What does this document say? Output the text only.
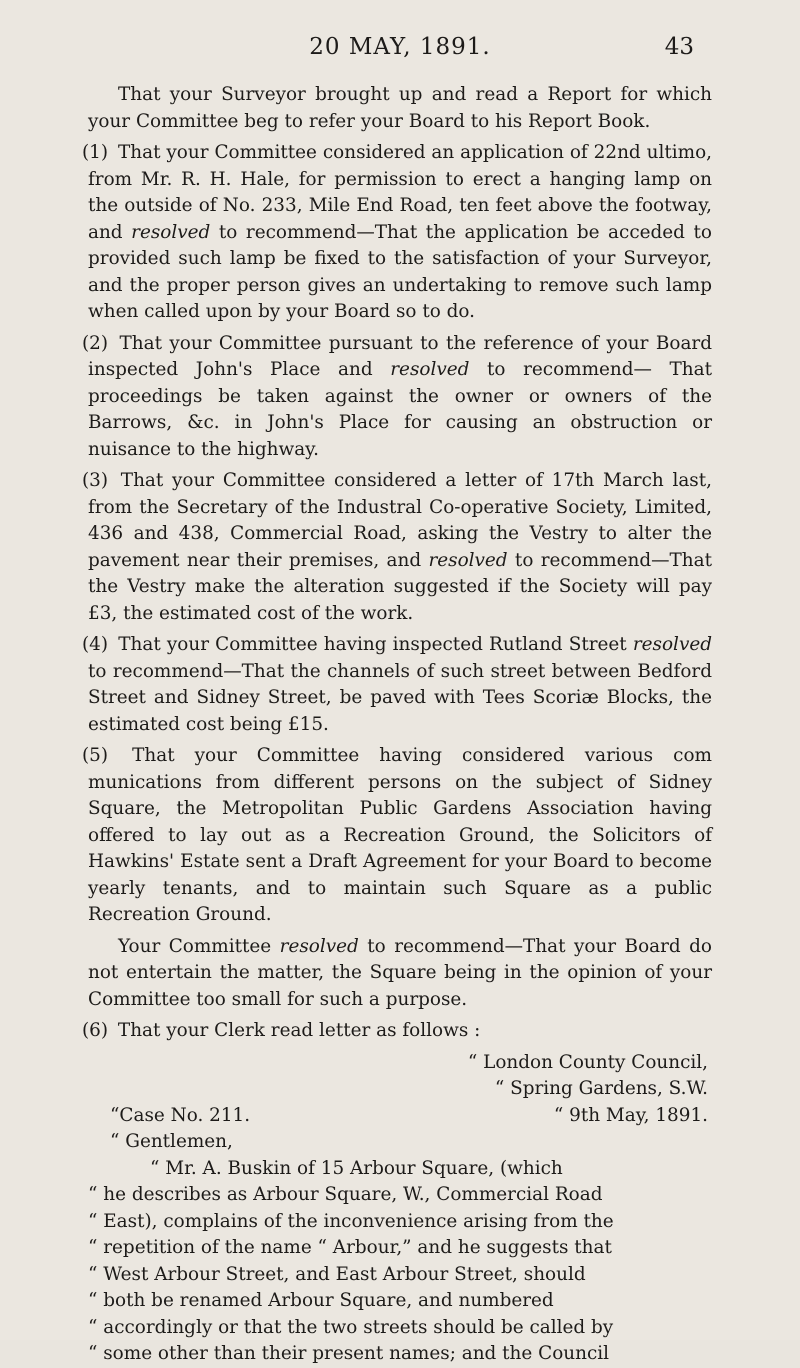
20 MAY, 1891.	43

That your Surveyor brought up and read a Report for which your Committee beg to refer your Board to his Report Book.

(1) That your Committee considered an application of 22nd ultimo, from Mr. R. H. Hale, for permission to erect a hanging lamp on the outside of No. 233, Mile End Road, ten feet above the footway, and resolved to recommend—That the application be acceded to provided such lamp be fixed to the satisfaction of your Surveyor, and the proper person gives an undertaking to remove such lamp when called upon by your Board so to do.

(2) That your Committee pursuant to the reference of your Board inspected John's Place and resolved to recommend— That proceedings be taken against the owner or owners of the Barrows, &c. in John's Place for causing an obstruction or nuisance to the highway.

(3) That your Committee considered a letter of 17th March last, from the Secretary of the Industral Co-operative Society, Limited, 436 and 438, Commercial Road, asking the Vestry to alter the pavement near their premises, and resolved to recommend—That the Vestry make the alteration suggested if the Society will pay £3, the estimated cost of the work.

(4) That your Committee having inspected Rutland Street resolved to recommend—That the channels of such street between Bedford Street and Sidney Street, be paved with Tees Scoriæ Blocks, the estimated cost being £15.

(5) That your Committee having considered various com munications from different persons on the subject of Sidney Square, the Metropolitan Public Gardens Association having offered to lay out as a Recreation Ground, the Solicitors of Hawkins' Estate sent a Draft Agreement for your Board to become yearly tenants, and to maintain such Square as a public Recreation Ground.

Your Committee resolved to recommend—That your Board do not entertain the matter, the Square being in the opinion of your Committee too small for such a purpose.

(6) That your Clerk read letter as follows :

“ London County Council,

“ Spring Gardens, S.W.

“Case No. 211.	“ 9th May, 1891.

“ Gentlemen,

“ Mr. A. Buskin of 15 Arbour Square, (which

“ he describes as Arbour Square, W., Commercial Road

“ East), complains of the inconvenience arising from the

“ repetition of the name “ Arbour,” and he suggests that

“ West Arbour Street, and East Arbour Street, should

“ both be renamed Arbour Square, and numbered

“ accordingly or that the two streets should be called by

“ some other than their present names; and the Council
